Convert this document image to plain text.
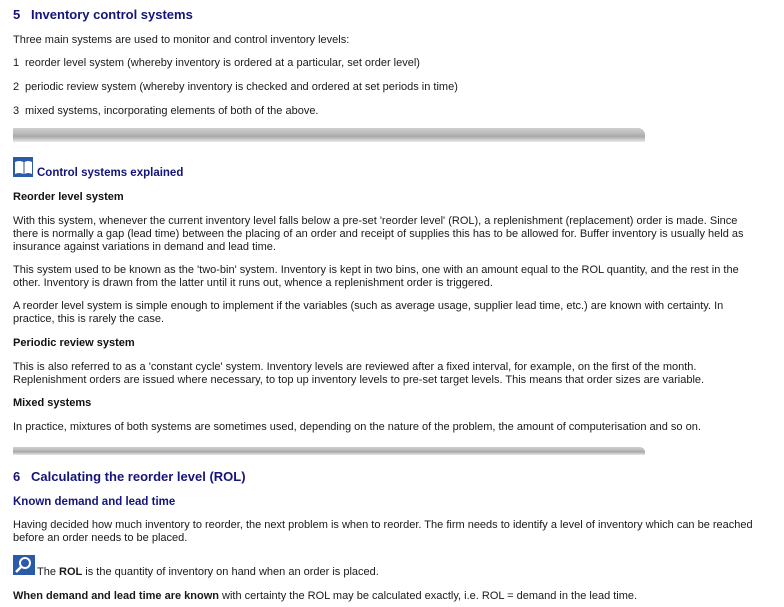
5 Inventory control systems
Three main systems are used to monitor and control inventory levels:
1 reorder level system (whereby inventory is ordered at a particular, set order level)
2 periodic review system (whereby inventory is checked and ordered at set periods in time)
3 mixed systems, incorporating elements of both of the above.
Control systems explained
Reorder level system
With this system, whenever the current inventory level falls below a pre-set 'reorder level' (ROL), a replenishment (replacement) order is made. Since there is normally a gap (lead time) between the placing of an order and receipt of supplies this has to be allowed for. Buffer inventory is usually held as insurance against variations in demand and lead time.
This system used to be known as the 'two-bin' system. Inventory is kept in two bins, one with an amount equal to the ROL quantity, and the rest in the other. Inventory is drawn from the latter until it runs out, whence a replenishment order is triggered.
A reorder level system is simple enough to implement if the variables (such as average usage, supplier lead time, etc.) are known with certainty. In practice, this is rarely the case.
Periodic review system
This is also referred to as a 'constant cycle' system. Inventory levels are reviewed after a fixed interval, for example, on the first of the month. Replenishment orders are issued where necessary, to top up inventory levels to pre-set target levels. This means that order sizes are variable.
Mixed systems
In practice, mixtures of both systems are sometimes used, depending on the nature of the problem, the amount of computerisation and so on.
6 Calculating the reorder level (ROL)
Known demand and lead time
Having decided how much inventory to reorder, the next problem is when to reorder. The firm needs to identify a level of inventory which can be reached before an order needs to be placed.
The ROL is the quantity of inventory on hand when an order is placed.
When demand and lead time are known with certainty the ROL may be calculated exactly, i.e. ROL = demand in the lead time.
